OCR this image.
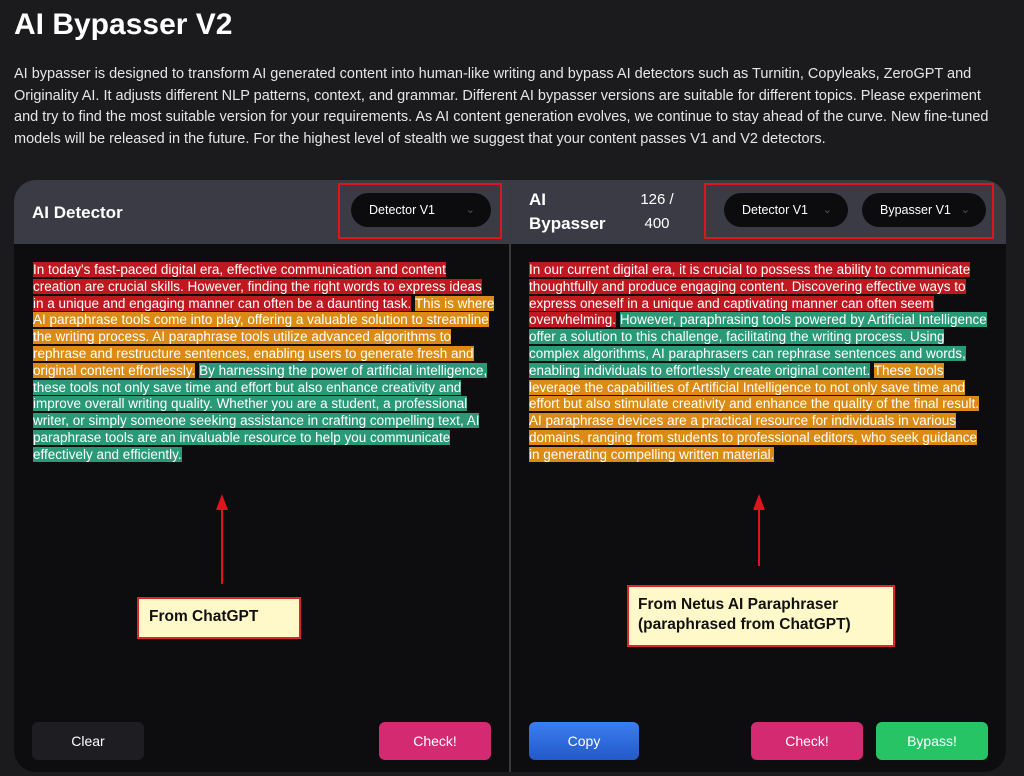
AI Bypasser V2

AI bypasser is designed to transform AI generated content into human-like writing and bypass AI detectors such as Turnitin, Copyleaks, ZeroGPT and Originality AI. It adjusts different NLP patterns, context, and grammar. Different AI bypasser versions are suitable for different topics. Please experiment and try to find the most suitable version for your requirements. As AI content generation evolves, we continue to stay ahead of the curve. New fine-tuned models will be released in the future. For the highest level of stealth we suggest that your content passes V1 and V2 detectors.

AI Detector	Detector V1	⌄
AI
Bypasser
126 /
400
Detector V1 ⌄	Bypasser V1 ⌄
In today's fast-paced digital era, effective communication and content creation are crucial skills. However, finding the right words to express ideas in a unique and engaging manner can often be a daunting task. This is where AI paraphrase tools come into play, offering a valuable solution to streamline the writing process. AI paraphrase tools utilize advanced algorithms to rephrase and restructure sentences, enabling users to generate fresh and original content effortlessly. By harnessing the power of artificial intelligence, these tools not only save time and effort but also enhance creativity and improve overall writing quality. Whether you are a student, a professional writer, or simply someone seeking assistance in crafting compelling text, AI paraphrase tools are an invaluable resource to help you communicate effectively and efficiently.
In our current digital era, it is crucial to possess the ability to communicate thoughtfully and produce engaging content. Discovering effective ways to express oneself in a unique and captivating manner can often seem overwhelming. However, paraphrasing tools powered by Artificial Intelligence offer a solution to this challenge, facilitating the writing process. Using complex algorithms, AI paraphrasers can rephrase sentences and words, enabling individuals to effortlessly create original content. These tools leverage the capabilities of Artificial Intelligence to not only save time and effort but also stimulate creativity and enhance the quality of the final result. AI paraphrase devices are a practical resource for individuals in various domains, ranging from students to professional editors, who seek guidance in generating compelling written material.
Clear	Check!	Copy	Check!	Bypass!
From ChatGPT
From Netus AI Paraphraser
(paraphrased from ChatGPT)
